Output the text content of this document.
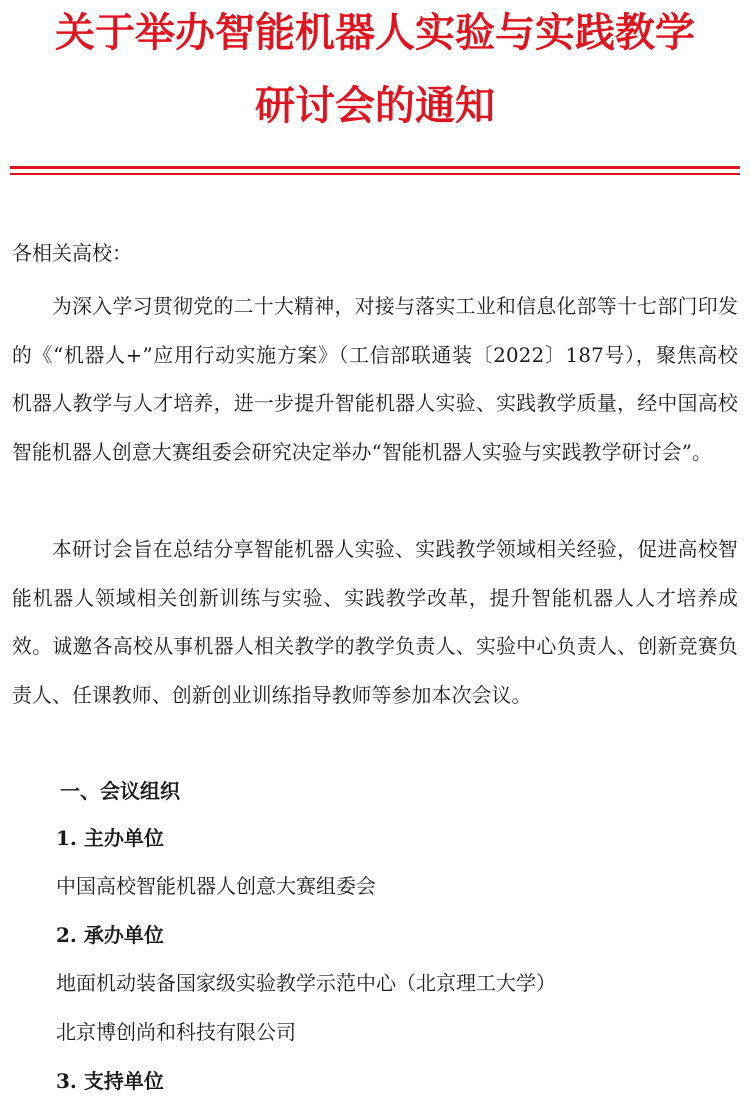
关于举办智能机器人实验与实践教学
研讨会的通知
各相关高校：

为深入学习贯彻党的二十大精神，对接与落实工业和信息化部等十七部门印发的《“机器人+”应用行动实施方案》（工信部联通装〔2022〕187号），聚焦高校机器人教学与人才培养，进一步提升智能机器人实验、实践教学质量，经中国高校智能机器人创意大赛组委会研究决定举办“智能机器人实验与实践教学研讨会”。

本研讨会旨在总结分享智能机器人实验、实践教学领域相关经验，促进高校智能机器人领域相关创新训练与实验、实践教学改革，提升智能机器人人才培养成效。诚邀各高校从事机器人相关教学的教学负责人、实验中心负责人、创新竞赛负责人、任课教师、创新创业训练指导教师等参加本次会议。

一、会议组织
1. 主办单位
中国高校智能机器人创意大赛组委会
2. 承办单位
地面机动装备国家级实验教学示范中心（北京理工大学）
北京博创尚和科技有限公司
3. 支持单位
